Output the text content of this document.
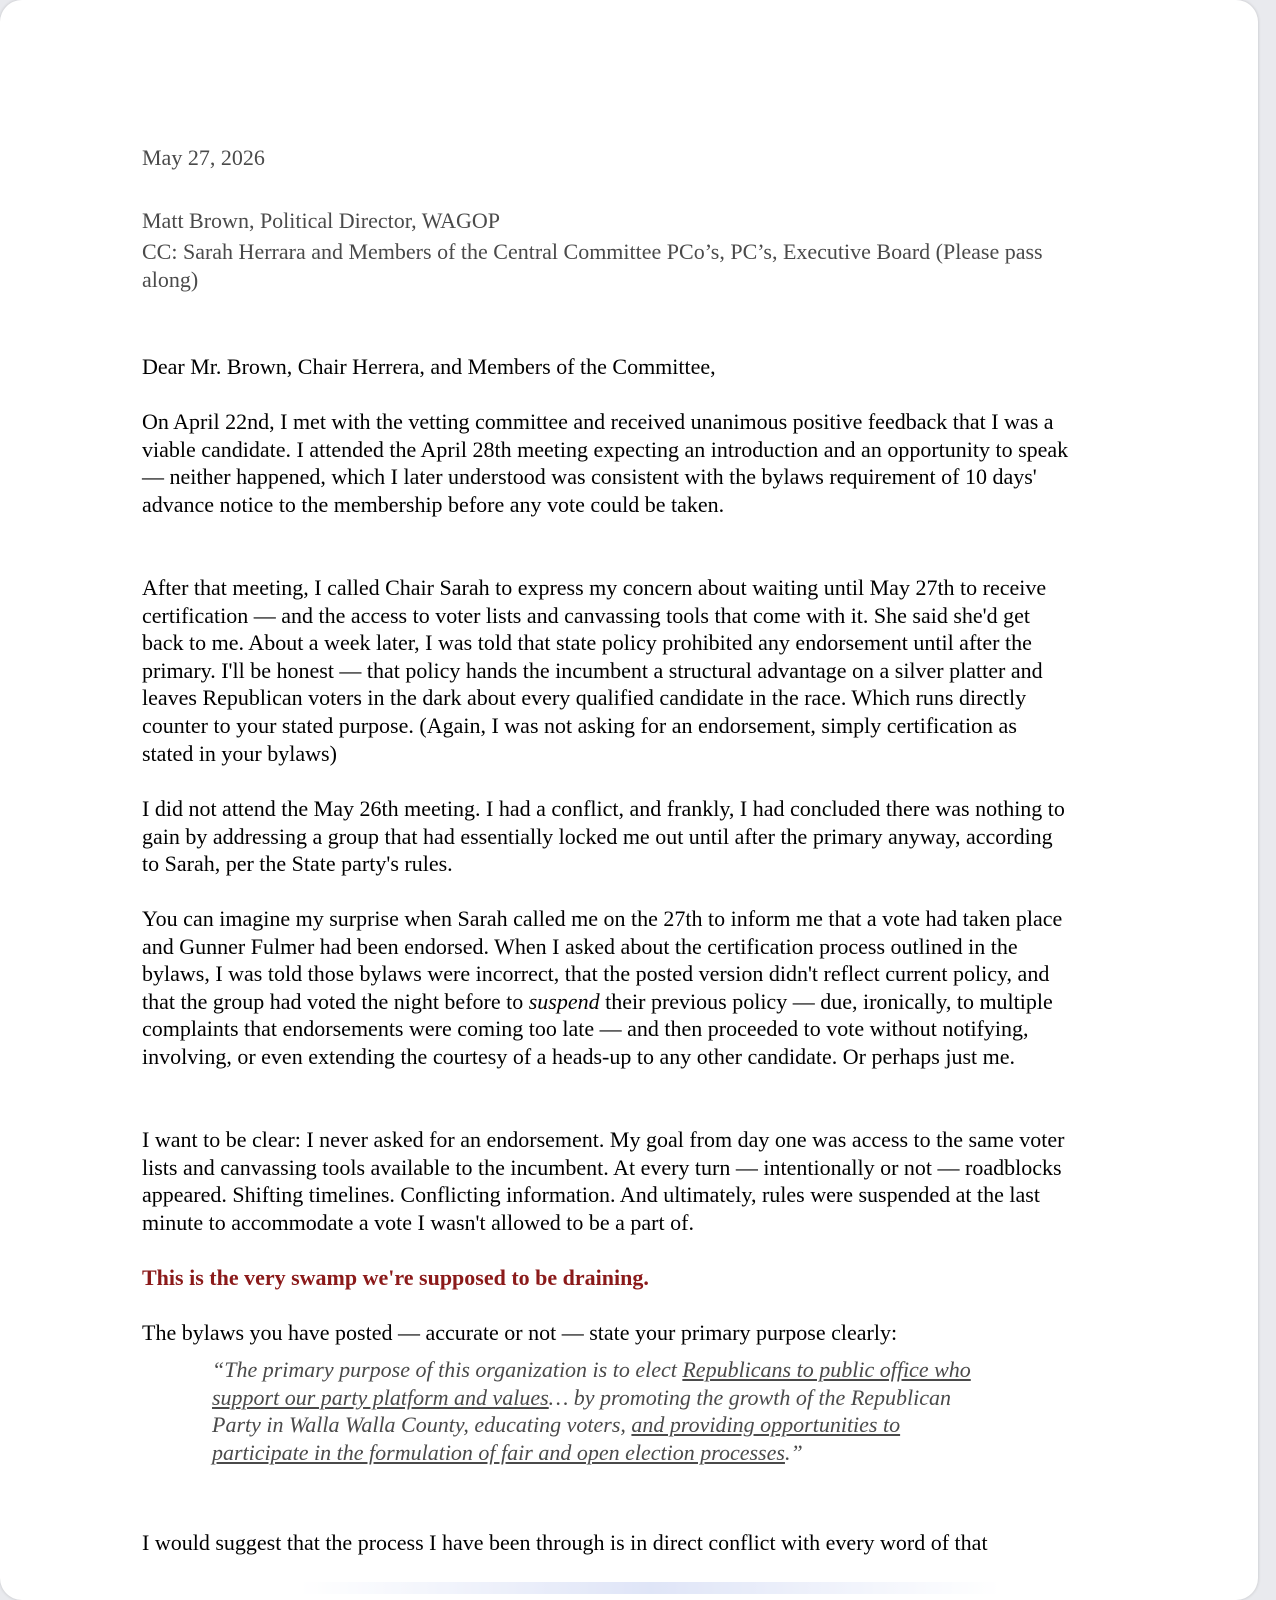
May 27, 2026
Matt Brown, Political Director, WAGOP
CC: Sarah Herrara and Members of the Central Committee PCo’s, PC’s, Executive Board (Please pass along)
Dear Mr. Brown, Chair Herrera, and Members of the Committee,
On April 22nd, I met with the vetting committee and received unanimous positive feedback that I was a viable candidate. I attended the April 28th meeting expecting an introduction and an opportunity to speak — neither happened, which I later understood was consistent with the bylaws requirement of 10 days' advance notice to the membership before any vote could be taken.
After that meeting, I called Chair Sarah to express my concern about waiting until May 27th to receive certification — and the access to voter lists and canvassing tools that come with it. She said she'd get back to me. About a week later, I was told that state policy prohibited any endorsement until after the primary. I'll be honest — that policy hands the incumbent a structural advantage on a silver platter and leaves Republican voters in the dark about every qualified candidate in the race. Which runs directly counter to your stated purpose. (Again, I was not asking for an endorsement, simply certification as stated in your bylaws)
I did not attend the May 26th meeting. I had a conflict, and frankly, I had concluded there was nothing to gain by addressing a group that had essentially locked me out until after the primary anyway, according to Sarah, per the State party's rules.
You can imagine my surprise when Sarah called me on the 27th to inform me that a vote had taken place and Gunner Fulmer had been endorsed. When I asked about the certification process outlined in the bylaws, I was told those bylaws were incorrect, that the posted version didn't reflect current policy, and that the group had voted the night before to suspend their previous policy — due, ironically, to multiple complaints that endorsements were coming too late — and then proceeded to vote without notifying, involving, or even extending the courtesy of a heads-up to any other candidate. Or perhaps just me.
I want to be clear: I never asked for an endorsement. My goal from day one was access to the same voter lists and canvassing tools available to the incumbent. At every turn — intentionally or not — roadblocks appeared. Shifting timelines. Conflicting information. And ultimately, rules were suspended at the last minute to accommodate a vote I wasn't allowed to be a part of.
This is the very swamp we're supposed to be draining.
The bylaws you have posted — accurate or not — state your primary purpose clearly:
“The primary purpose of this organization is to elect Republicans to public office who support our party platform and values… by promoting the growth of the Republican Party in Walla Walla County, educating voters, and providing opportunities to participate in the formulation of fair and open election processes.”
I would suggest that the process I have been through is in direct conflict with every word of that
